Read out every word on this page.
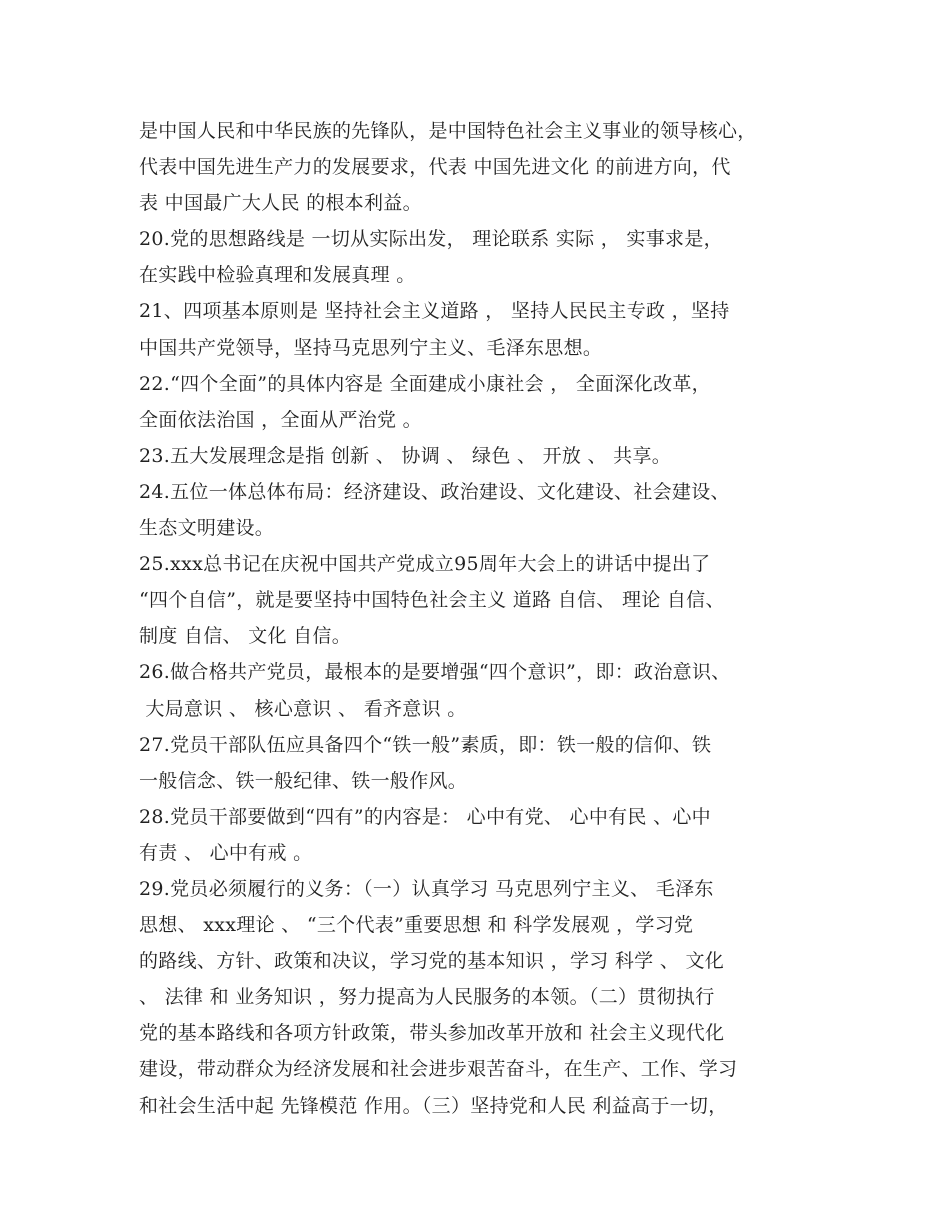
是中国人民和中华民族的先锋队，是中国特色社会主义事业的领导核心，
代表中国先进生产力的发展要求，代表 中国先进文化 的前进方向，代
表 中国最广大人民 的根本利益。
20.党的思想路线是 一切从实际出发， 理论联系 实际 ， 实事求是，
在实践中检验真理和发展真理 。
21、四项基本原则是 坚持社会主义道路 ， 坚持人民民主专政 ，坚持
中国共产党领导，坚持马克思列宁主义、毛泽东思想。
22.“四个全面”的具体内容是 全面建成小康社会 ， 全面深化改革，
全面依法治国 ，全面从严治党 。
23.五大发展理念是指 创新 、 协调 、 绿色 、 开放 、 共享。
24.五位一体总体布局：经济建设、政治建设、文化建设、社会建设、
生态文明建设。
25.xxx总书记在庆祝中国共产党成立95周年大会上的讲话中提出了
“四个自信”，就是要坚持中国特色社会主义 道路 自信、 理论 自信、
制度 自信、 文化 自信。
26.做合格共产党员，最根本的是要增强“四个意识”，即：政治意识、
大局意识 、 核心意识 、 看齐意识 。
27.党员干部队伍应具备四个“铁一般”素质，即：铁一般的信仰、铁
一般信念、铁一般纪律、铁一般作风。
28.党员干部要做到“四有”的内容是： 心中有党、 心中有民 、心中
有责 、 心中有戒 。
29.党员必须履行的义务：（一）认真学习 马克思列宁主义、 毛泽东
思想、 xxx理论 、 “三个代表”重要思想 和 科学发展观 ，学习党
的路线、方针、政策和决议，学习党的基本知识 ，学习 科学 、 文化
、 法律 和 业务知识 ，努力提高为人民服务的本领。（二）贯彻执行
党的基本路线和各项方针政策，带头参加改革开放和 社会主义现代化
建设，带动群众为经济发展和社会进步艰苦奋斗，在生产、工作、学习
和社会生活中起 先锋模范 作用。（三）坚持党和人民 利益高于一切，
